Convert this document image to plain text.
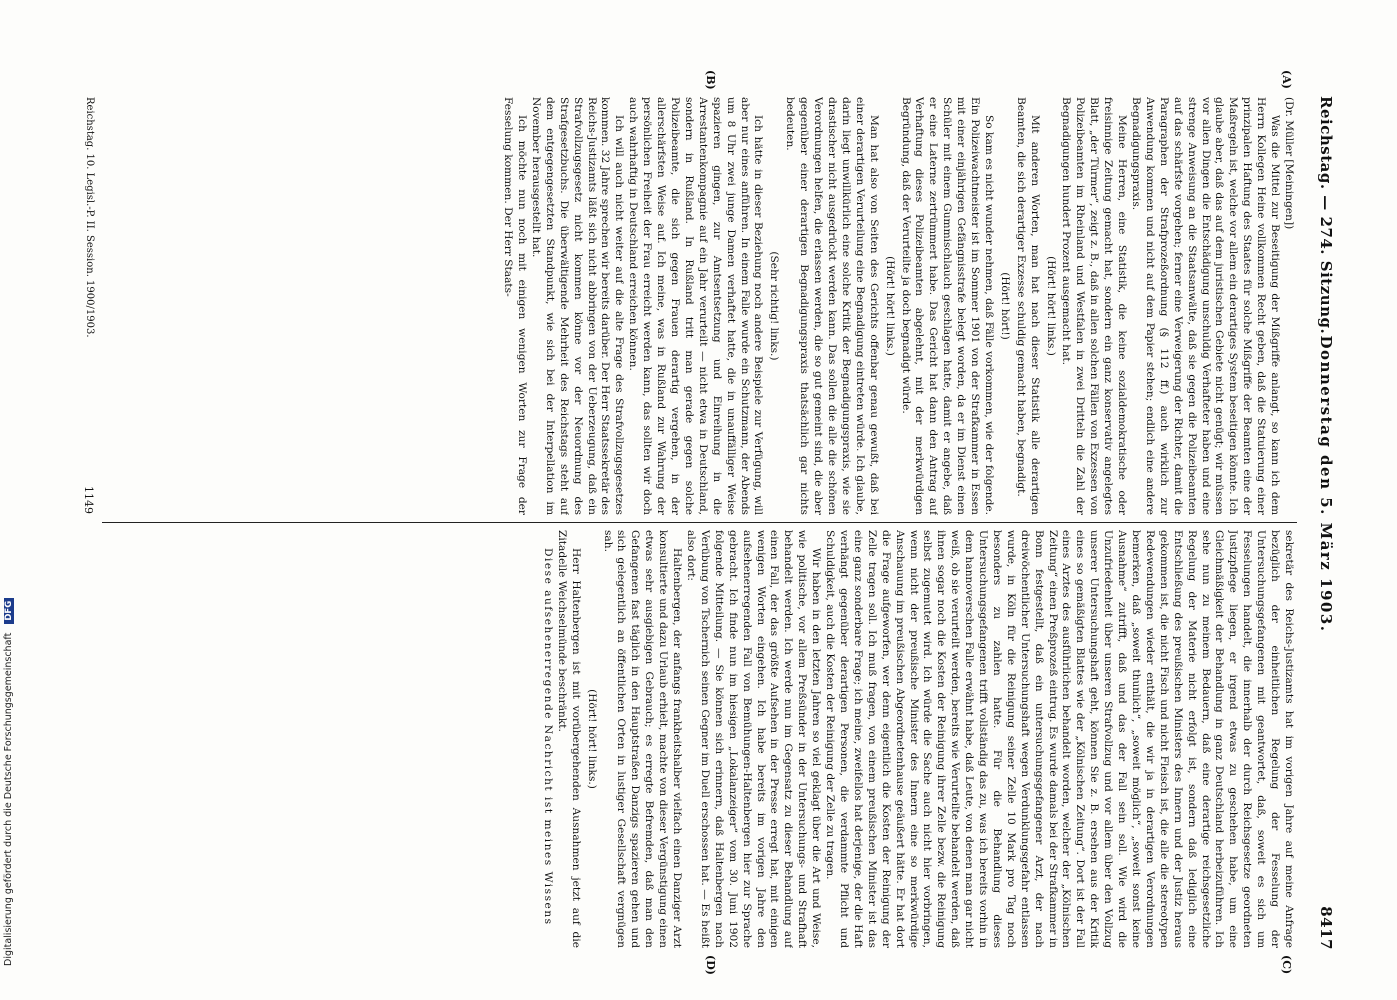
Reichstag. — 274. Sitzung.
Donnerstag den 5. März 1903.
8417
(A)
(B)
(C)
(D)

(Dr. Müller [Meiningen])

Was die Mittel zur Beseitigung der Mißgriffe anlangt, so kann ich dem Herrn Kollegen Heine vollkommen Recht geben, daß die Statuierung einer prinzipalen Haftung des Staates für solche Mißgriffe der Beamten eine der Maßregeln ist, welche vor allem ein derartiges System beseitigen könnte. Ich glaube aber, daß das auf dem juristischen Gebiete nicht genügt; wir müssen vor allen Dingen die Entschädigung unschuldig Verhafteter haben und eine strenge Anweisung an die Staatsanwälte, daß sie gegen die Polizeibeamten auf das schärfste vorgehen; ferner eine Verweigerung der Richter, damit die Paragraphen der Strafprozeßordnung (§ 112 ff.) auch wirklich zur Anwendung kommen und nicht auf dem Papier stehen; endlich eine andere Begnadigungspraxis.

Meine Herren, eine Statistik, die keine sozialdemokratische oder freisinnige Zeitung gemacht hat, sondern ein ganz konservativ angelegtes Blatt, „der Türmer“, zeigt z. B., daß in allen solchen Fällen von Exzessen von Polizeibeamten im Rheinland und Westfalen in zwei Dritteln die Zahl der Begnadigungen hundert Prozent ausgemacht hat.

(Hört! hört! links.)

Mit anderen Worten, man hat nach dieser Statistik alle derartigen Beamten, die sich derartiger Exzesse schuldig gemacht haben, begnadigt.

(Hört! hört!)

So kam es nicht wunder nehmen, daß Fälle vorkommen, wie der folgende. Ein Polizeiwachtmeister ist im Sommer 1901 von der Strafkammer in Essen mit einer einjährigen Gefängnisstrafe belegt worden, da er im Dienst einen Schüler mit einem Gummischlauch geschlagen hatte, damit er angebe, daß er eine Laterne zertrümmert habe. Das Gericht hat dann den Antrag auf Verhaftung dieses Polizeibeamten abgelehnt, mit der merkwürdigen Begründung, daß der Verurteilte ja doch begnadigt würde.

(Hört! hört! links.)

Man hat also von Seiten des Gerichts offenbar genau gewußt, daß bei einer derartigen Verurteilung eine Begnadigung eintreten würde. Ich glaube, darin liegt unwillkürlich eine solche Kritik der Begnadigungspraxis, wie sie drastischer nicht ausgedrückt werden kann. Das sollen die alle die schönen Verordnungen helfen, die erlassen werden, die so gut gemeint sind, die aber gegenüber einer derartigen Begnadigungspraxis thatsächlich gar nichts bedeuten.

(Sehr richtig! links.)

Ich hätte in dieser Beziehung noch andere Beispiele zur Verfügung, will aber nur eines anführen. In einem Falle wurde ein Schutzmann, der Abends um 8 Uhr zwei junge Damen verhaftet hatte, die in unauffälliger Weise spazieren gingen, zur Amtsentsetzung und Einreihung in die Arrestantenkompagnie auf ein Jahr verurteilt — nicht etwa in Deutschland, sondern in Rußland. In Rußland tritt man gerade gegen solche Polizeibeamte, die sich gegen Frauen derartig vergehen, in der allerschärfsten Weise auf. Ich meine, was in Rußland zur Wahrung der persönlichen Freiheit der Frau erreicht werden kann, das sollten wir doch auch wahrhaftig in Deutschland erreichen können.

Ich will auch nicht weiter auf die alte Frage des Strafvollzugsgesetzes kommen. 32 Jahre sprechen wir bereits darüber. Der Herr Staatssekretär des Reichs-Justizamts läßt sich nicht abbringen von der Ueberzeugung, daß ein Strafvollzugsgesetz nicht kommen könne vor der Neuordnung des Strafgesetzbuchs. Die überwältigende Mehrheit des Reichstags steht auf dem entgegengesetzten Standpunkt, wie sich bei der Interpellation im November herausgestellt hat.

Ich möchte nun noch mit einigen wenigen Worten zur Frage der Fesselung kommen. Der Herr Staats-

sekretär des Reichs-Justizamts hat im vorigen Jahre auf meine Anfrage bezüglich der einheitlichen Regelung der Fesselung der Untersuchungsgefangenen mit geantwortet, daß, soweit es sich um Fesselungen handelt, die innerhalb der durch Reichsgesetze geordneten Justizpflege liegen, er irgend etwas zu geschehen habe, um eine Gleichmäßigkeit der Behandlung in ganz Deutschland herbeizuführen. Ich sehe nun zu meinem Bedauern, daß eine derartige reichsgesetzliche Regelung der Materie nicht erfolgt ist, sondern daß lediglich eine Entschließung des preußischen Ministers des Innern und der Justiz heraus gekommen ist, die nicht Fisch und nicht Fleisch ist, die alle die stereotypen Redewendungen wieder enthält, die wir ja in derartigen Verordnungen bemerken, daß „soweit thunlich“, „soweit möglich“, „soweit sonst keine Ausnahme“ zutrifft, daß und das der Fall sein soll. Wie wird die Unzufriedenheit über unseren Strafvollzug und vor allem über den Vollzug unserer Untersuchungshaft geht, können Sie z. B. ersehen aus der Kritik eines so gemäßigten Blattes wie der „Kölnischen Zeitung“. Dort ist der Fall eines Arztes des ausführlichen behandelt worden, welcher der „Kölnischen Zeitung“ einen Preßprozeß eintrug. Es wurde damals bei der Strafkammer in Bonn festgestellt, daß ein untersuchungsgefangener Arzt, der nach dreiwöchentlicher Untersuchungshaft wegen Verdunklungsgefahr entlassen wurde, in Köln für die Reinigung seiner Zelle 10 Mark pro Tag noch besonders zu zahlen hatte. Für die Behandlung dieses Untersuchungsgefangenen trifft vollständig das zu, was ich bereits vorhin in dem hannoverschen Falle erwähnt habe, daß Leute, von denen man gar nicht weiß, ob sie verurteilt werden, bereits wie Verurteilte behandelt werden, daß ihnen sogar noch die Kosten der Reinigung ihrer Zelle bezw. die Reinigung selbst zugemutet wird. Ich würde die Sache auch nicht hier vorbringen, wenn nicht der preußische Minister des Innern eine so merkwürdige Anschauung im preußischen Abgeordnetenhause geäußert hätte. Er hat dort die Frage aufgeworfen, wer denn eigentlich die Kosten der Reinigung der Zelle tragen soll. Ich muß fragen, von einem preußischen Minister ist das eine ganz sonderbare Frage; ich meine, zweifellos hat derjenige, der die Haft verhängt gegenüber derartigen Personen, die verdammte Pflicht und Schuldigkeit, auch die Kosten der Reinigung der Zelle zu tragen.

Wir haben in den letzten Jahren so viel geklagt über die Art und Weise, wie politische, vor allem Preßsünder in der Untersuchungs- und Strafhaft behandelt werden. Ich werde nun im Gegensatz zu dieser Behandlung auf einen Fall, der das größte Aufsehen in der Presse erregt hat, mit einigen wenigen Worten eingehen. Ich habe bereits im vorigen Jahre den aufsehenerregenden Fall von Bemühungen-Haltenbergen hier zur Sprache gebracht. Ich finde nun im hiesigen „Lokalanzeiger“ vom 30. Juni 1902 folgende Mitteilung. — Sie können sich erinnern, daß Haltenbergen nach Verübung von Tschernich seinen Gegner im Duell erschossen hat. — Es heißt also dort:

Haltenbergen, der anfangs frankheitshalber vielfach einen Danziger Arzt konsultierte und dazu Urlaub erhielt, machte von dieser Vergünstigung einen etwas sehr ausgiebigen Gebrauch; es erregte Befremden, daß man den Gefangenen fast täglich in den Hauptstraßen Danzigs spazieren gehen und sich gelegentlich an öffentlichen Orten in lustiger Gesellschaft vergnügen sah.

(Hört! hört! links.)

Herr Haltenbergen ist mit vorübergehenden Ausnahmen jetzt auf die Zitadelle Weichselmünde beschränkt.

Diese aufsehenerregende Nachricht ist meines Wissens

Reichstag. 10. Legisl.-P. II. Session. 1900/1903.
1149
Digitalisierung gefördert durch die Deutsche Forschungsgemeinschaft DFG
